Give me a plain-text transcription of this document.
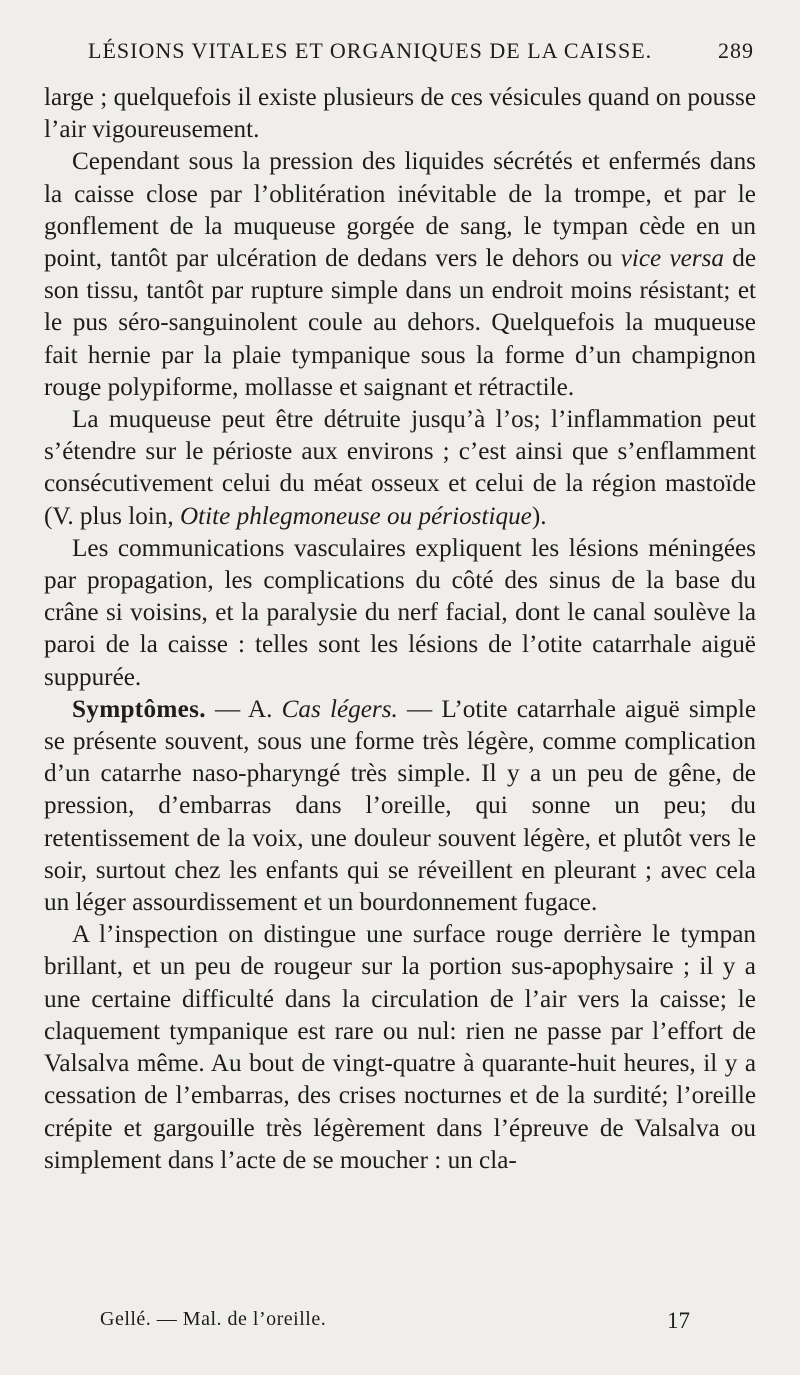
LÉSIONS VITALES ET ORGANIQUES DE LA CAISSE.	289

large ; quelquefois il existe plusieurs de ces vésicules quand on pousse l’air vigoureusement.

Cependant sous la pression des liquides sécrétés et enfermés dans la caisse close par l’oblitération inévitable de la trompe, et par le gonflement de la muqueuse gorgée de sang, le tympan cède en un point, tantôt par ulcération de dedans vers le dehors ou vice versa de son tissu, tantôt par rupture simple dans un endroit moins résistant; et le pus séro-sanguinolent coule au dehors. Quelquefois la muqueuse fait hernie par la plaie tympanique sous la forme d’un champignon rouge polypiforme, mollasse et saignant et rétractile.

La muqueuse peut être détruite jusqu’à l’os; l’inflammation peut s’étendre sur le périoste aux environs ; c’est ainsi que s’enflamment consécutivement celui du méat osseux et celui de la région mastoïde (V. plus loin, Otite phlegmoneuse ou périostique).

Les communications vasculaires expliquent les lésions méningées par propagation, les complications du côté des sinus de la base du crâne si voisins, et la paralysie du nerf facial, dont le canal soulève la paroi de la caisse : telles sont les lésions de l’otite catarrhale aiguë suppurée.

Symptômes. — A. Cas légers. — L’otite catarrhale aiguë simple se présente souvent, sous une forme très légère, comme complication d’un catarrhe naso-pharyngé très simple. Il y a un peu de gêne, de pression, d’embarras dans l’oreille, qui sonne un peu; du retentissement de la voix, une douleur souvent légère, et plutôt vers le soir, surtout chez les enfants qui se réveillent en pleurant ; avec cela un léger assourdissement et un bourdonnement fugace.

A l’inspection on distingue une surface rouge derrière le tympan brillant, et un peu de rougeur sur la portion sus-apophysaire ; il y a une certaine difficulté dans la circulation de l’air vers la caisse; le claquement tympanique est rare ou nul: rien ne passe par l’effort de Valsalva même. Au bout de vingt-quatre à quarante-huit heures, il y a cessation de l’embarras, des crises nocturnes et de la surdité; l’oreille crépite et gargouille très légèrement dans l’épreuve de Valsalva ou simplement dans l’acte de se moucher : un cla-

Gellé. — Mal. de l’oreille.	17
